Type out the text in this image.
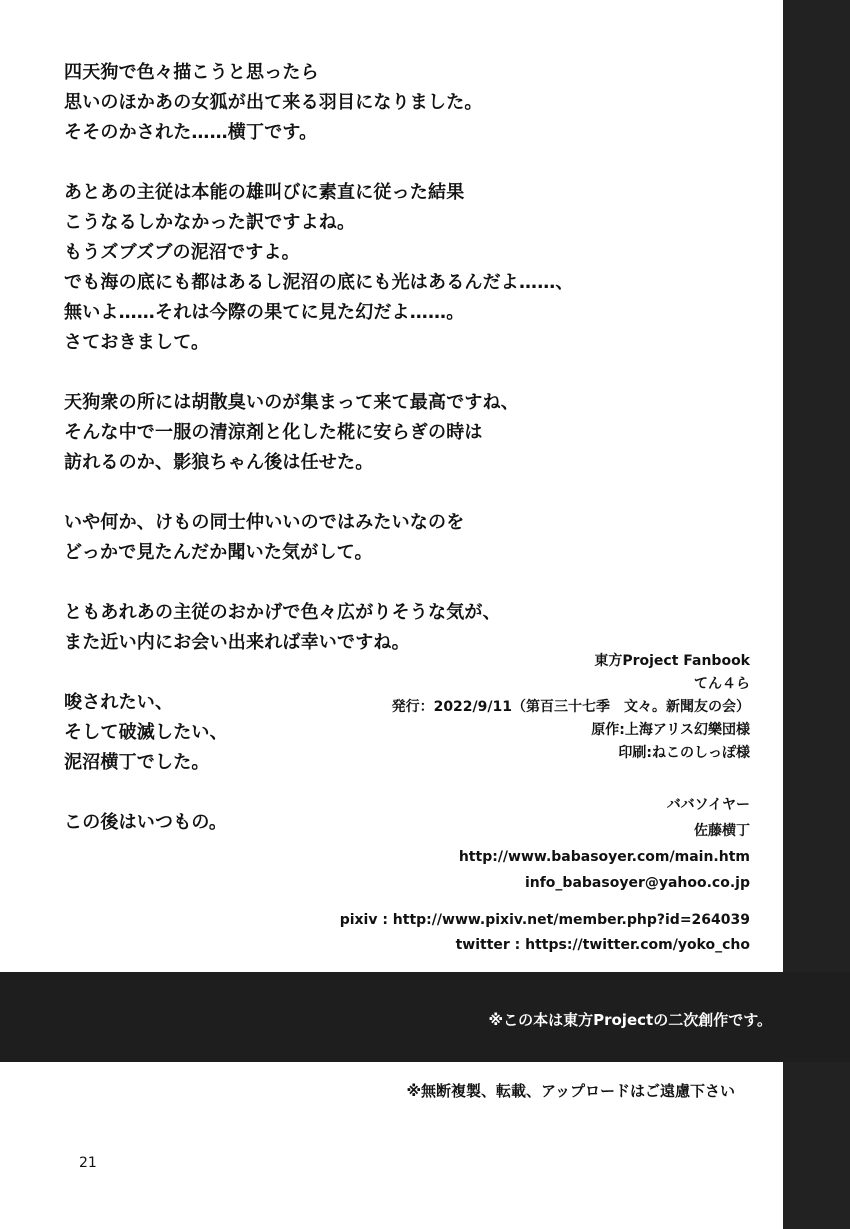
四天狗で色々描こうと思ったら
思いのほかあの女狐が出て来る羽目になりました。
そそのかされた……横丁です。
あとあの主従は本能の雄叫びに素直に従った結果
こうなるしかなかった訳ですよね。
もうズブズブの泥沼ですよ。
でも海の底にも都はあるし泥沼の底にも光はあるんだよ……、
無いよ……それは今際の果てに見た幻だよ……。
さておきまして。
天狗衆の所には胡散臭いのが集まって来て最高ですね、
そんな中で一服の清涼剤と化した椛に安らぎの時は
訪れるのか、影狼ちゃん後は任せた。
いや何か、けもの同士仲いいのではみたいなのを
どっかで見たんだか聞いた気がして。
ともあれあの主従のおかげで色々広がりそうな気が、
また近い内にお会い出来れば幸いですね。
唆されたい、
そして破滅したい、
泥沼横丁でした。
この後はいつもの。
東方Project Fanbook
てん４ら
発行：2022/9/11（第百三十七季　文々。新聞友の会）
原作:上海アリス幻樂団様
印刷:ねこのしっぽ様
ババソイヤー
佐藤横丁
http://www.babasoyer.com/main.htm
info_babasoyer@yahoo.co.jp
pixiv : http://www.pixiv.net/member.php?id=264039
twitter : https://twitter.com/yoko_cho
※この本は東方Projectの二次創作です。
※無断複製、転載、アップロードはご遠慮下さい
21
